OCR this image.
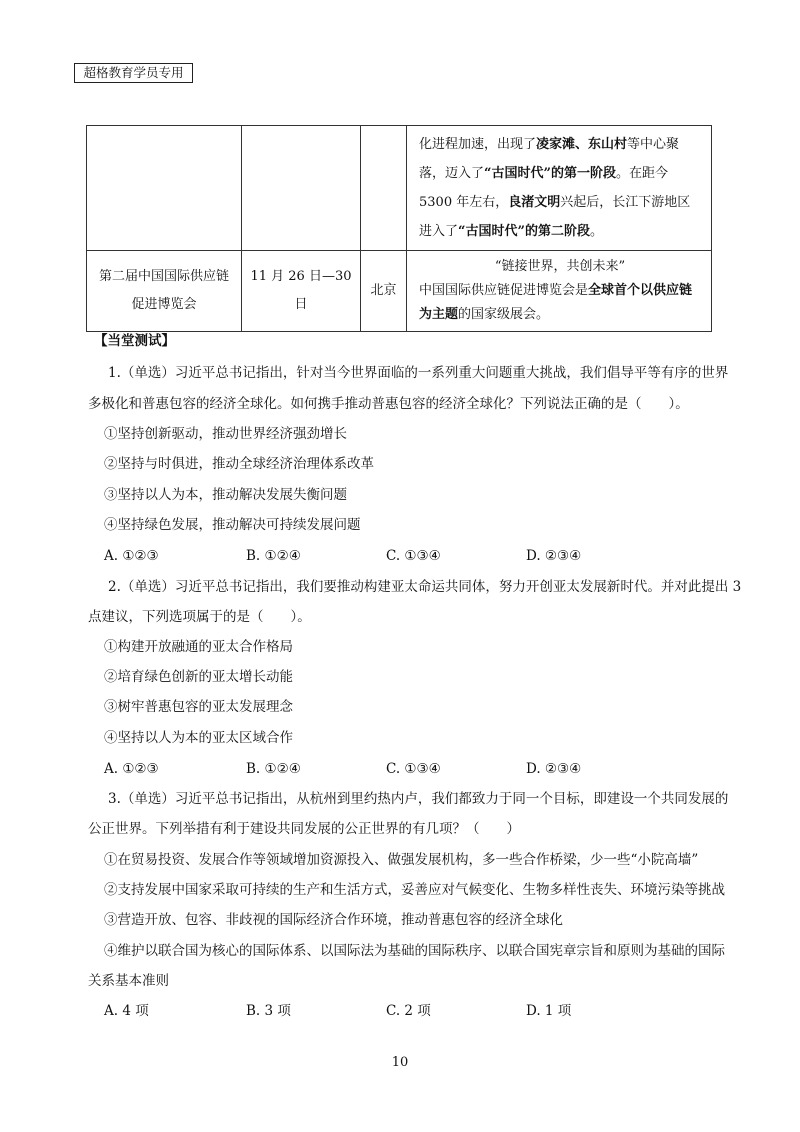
超格教育学员专用
			化进程加速，出现了凌家滩、东山村等中心聚落，迈入了“古国时代”的第一阶段。在距今 5300 年左右，良渚文明兴起后，长江下游地区进入了“古国时代”的第二阶段。
第二届中国国际供应链促进博览会	11 月 26 日—30 日	北京	“链接世界，共创未来”
中国国际供应链促进博览会是全球首个以供应链为主题的国家级展会。
【当堂测试】
1.（单选）习近平总书记指出，针对当今世界面临的一系列重大问题重大挑战，我们倡导平等有序的世界
多极化和普惠包容的经济全球化。如何携手推动普惠包容的经济全球化？下列说法正确的是（　　）。
①坚持创新驱动，推动世界经济强劲增长
②坚持与时俱进，推动全球经济治理体系改革
③坚持以人为本，推动解决发展失衡问题
④坚持绿色发展，推动解决可持续发展问题
A. ①②③	B. ①②④	C. ①③④	D. ②③④
2.（单选）习近平总书记指出，我们要推动构建亚太命运共同体，努力开创亚太发展新时代。并对此提出 3
点建议，下列选项属于的是（　　）。
①构建开放融通的亚太合作格局
②培育绿色创新的亚太增长动能
③树牢普惠包容的亚太发展理念
④坚持以人为本的亚太区域合作
A. ①②③	B. ①②④	C. ①③④	D. ②③④
3.（单选）习近平总书记指出，从杭州到里约热内卢，我们都致力于同一个目标，即建设一个共同发展的
公正世界。下列举措有利于建设共同发展的公正世界的有几项？（　　）
①在贸易投资、发展合作等领域增加资源投入、做强发展机构，多一些合作桥梁，少一些“小院高墙”
②支持发展中国家采取可持续的生产和生活方式，妥善应对气候变化、生物多样性丧失、环境污染等挑战
③营造开放、包容、非歧视的国际经济合作环境，推动普惠包容的经济全球化
④维护以联合国为核心的国际体系、以国际法为基础的国际秩序、以联合国宪章宗旨和原则为基础的国际
关系基本准则
A. 4 项	B. 3 项	C. 2 项	D. 1 项
10
